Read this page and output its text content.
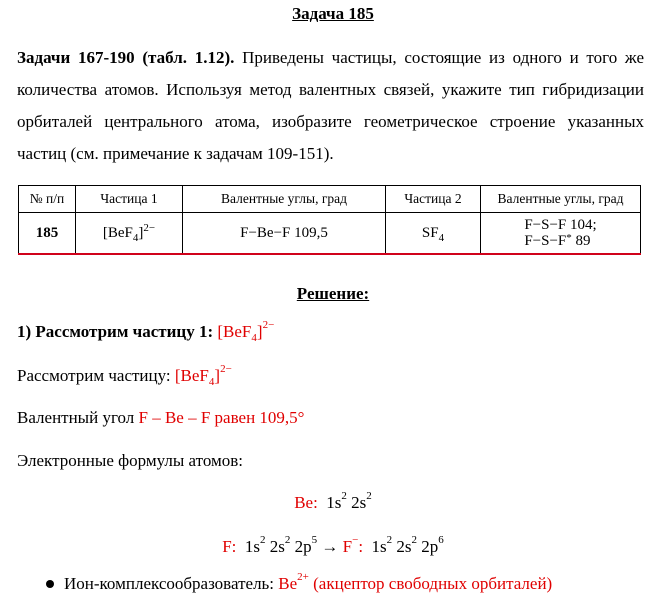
Задача 185
Задачи 167-190 (табл. 1.12). Приведены частицы, состоящие из одного и того же количества атомов. Используя метод валентных связей, укажите тип гибридизации орбиталей центрального атома, изобразите геометрическое строение указанных частиц (см. примечание к задачам 109-151).
№ п/п	Частица 1	Валентные углы, град	Частица 2	Валентные углы, град
185	$[BeF_4]^{2-}$	F−Be−F 109,5	$SF_4$	F−S−F 104;
F−S−F* 89
Решение:
1) Рассмотрим частицу 1: $[BeF_4]^{2-}$
Рассмотрим частицу: $[BeF_4]^{2-}$
Валентный угол F – Be – F равен 109,5°
Электронные формулы атомов:
Be:  $1s^2$ $2s^2$
F:  $1s^2$ $2s^2$ $2p^5 \to F^-$:  $1s^2$ $2s^2$ $2p^6$
Ион-комплексообразователь: $Be^{2+}$ (акцептор свободных орбиталей)
